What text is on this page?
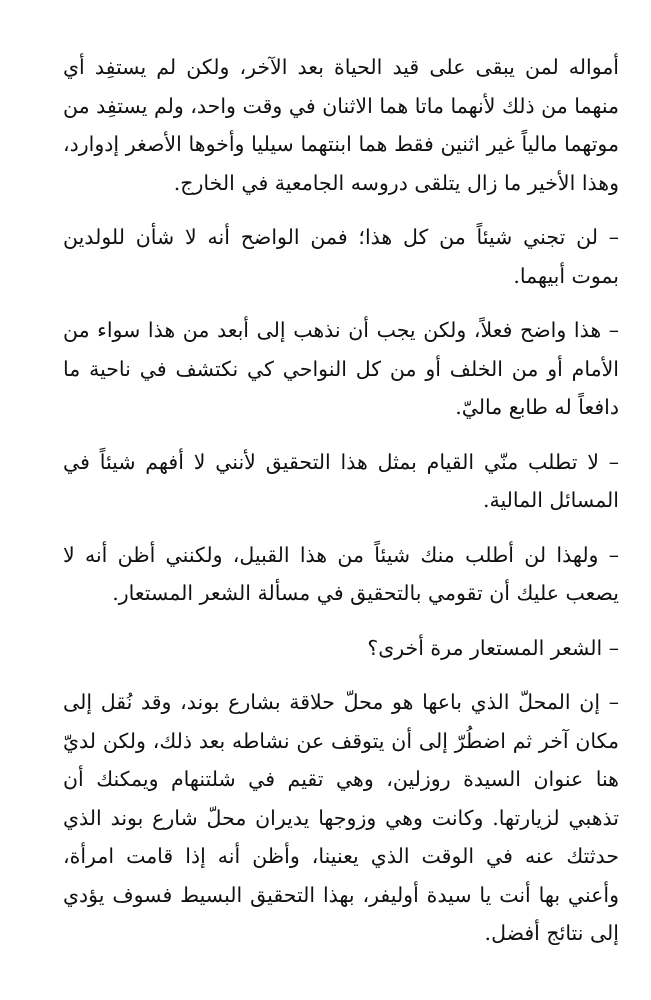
أمواله لمن يبقى على قيد الحياة بعد الآخر، ولكن لم يستفِد أي منهما من ذلك لأنهما ماتا هما الاثنان في وقت واحد، ولم يستفِد من موتهما مالياً غير اثنين فقط هما ابنتهما سيليا وأخوها الأصغر إدوارد، وهذا الأخير ما زال يتلقى دروسه الجامعية في الخارج.

– لن تجني شيئاً من كل هذا؛ فمن الواضح أنه لا شأن للولدين بموت أبيهما.

– هذا واضح فعلاً، ولكن يجب أن نذهب إلى أبعد من هذا سواء من الأمام أو من الخلف أو من كل النواحي كي نكتشف في ناحية ما دافعاً له طابع ماليّ.

– لا تطلب منّي القيام بمثل هذا التحقيق لأنني لا أفهم شيئاً في المسائل المالية.

– ولهذا لن أطلب منك شيئاً من هذا القبيل، ولكنني أظن أنه لا يصعب عليك أن تقومي بالتحقيق في مسألة الشعر المستعار.

– الشعر المستعار مرة أخرى؟

– إن المحلّ الذي باعها هو محلّ حلاقة بشارع بوند، وقد نُقل إلى مكان آخر ثم اضطُرّ إلى أن يتوقف عن نشاطه بعد ذلك، ولكن لديّ هنا عنوان السيدة روزلين، وهي تقيم في شلتنهام ويمكنك أن تذهبي لزيارتها. وكانت وهي وزوجها يديران محلّ شارع بوند الذي حدثتك عنه في الوقت الذي يعنينا، وأظن أنه إذا قامت امرأة، وأعني بها أنت يا سيدة أوليفر، بهذا التحقيق البسيط فسوف يؤدي إلى نتائج أفضل.
